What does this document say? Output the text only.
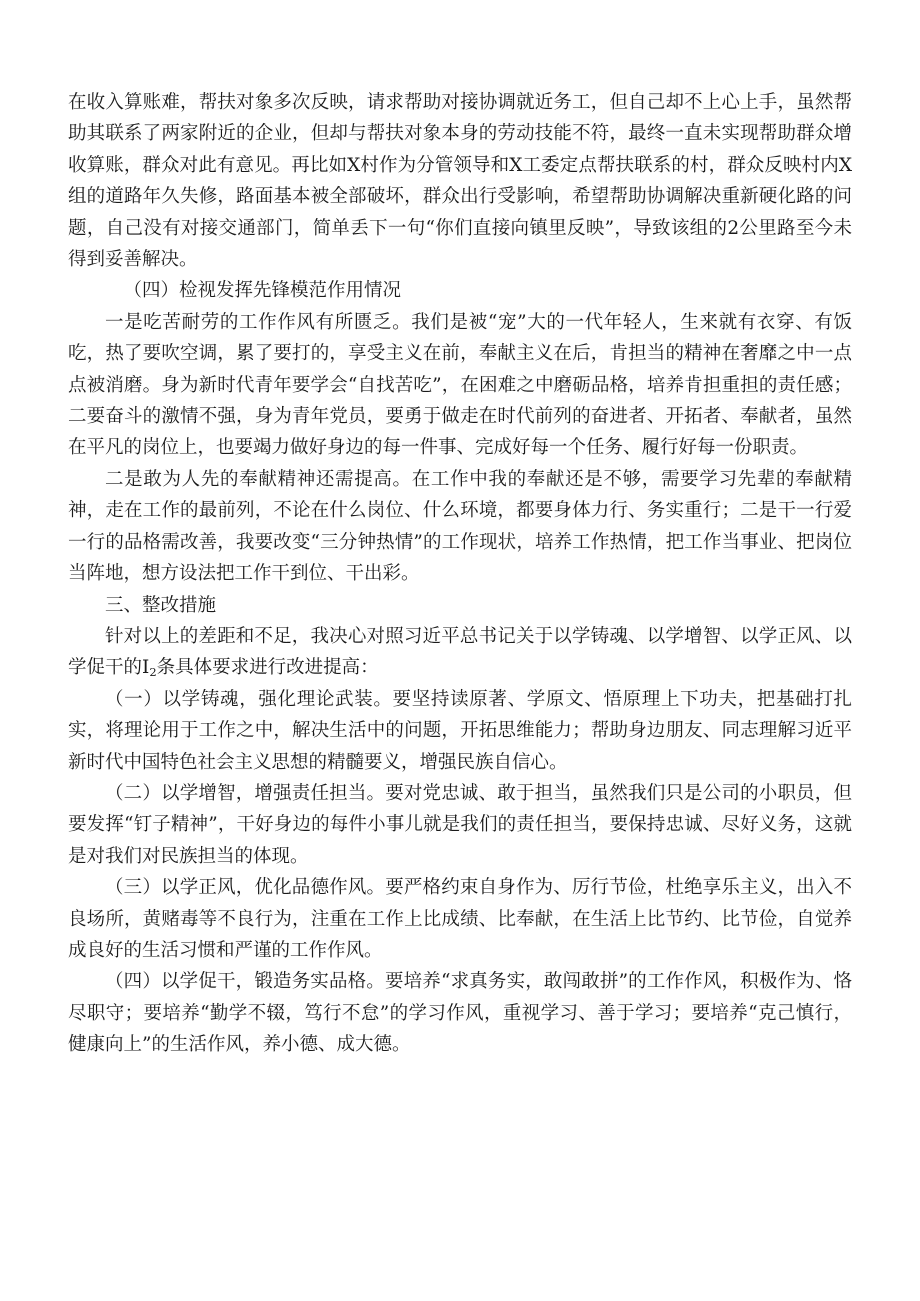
在收入算账难，帮扶对象多次反映，请求帮助对接协调就近务工，但自己却不上心上手，虽然帮助其联系了两家附近的企业，但却与帮扶对象本身的劳动技能不符，最终一直未实现帮助群众增收算账，群众对此有意见。再比如X村作为分管领导和X工委定点帮扶联系的村，群众反映村内X组的道路年久失修，路面基本被全部破坏，群众出行受影响，希望帮助协调解决重新硬化路的问题，自己没有对接交通部门，简单丢下一句“你们直接向镇里反映”，导致该组的2公里路至今未得到妥善解决。

（四）检视发挥先锋模范作用情况

一是吃苦耐劳的工作作风有所匮乏。我们是被“宠”大的一代年轻人，生来就有衣穿、有饭吃，热了要吹空调，累了要打的，享受主义在前，奉献主义在后，肯担当的精神在奢靡之中一点点被消磨。身为新时代青年要学会“自找苦吃”，在困难之中磨砺品格，培养肯担重担的责任感；二要奋斗的激情不强，身为青年党员，要勇于做走在时代前列的奋进者、开拓者、奉献者，虽然在平凡的岗位上，也要竭力做好身边的每一件事、完成好每一个任务、履行好每一份职责。

二是敢为人先的奉献精神还需提高。在工作中我的奉献还是不够，需要学习先辈的奉献精神，走在工作的最前列，不论在什么岗位、什么环境，都要身体力行、务实重行；二是干一行爱一行的品格需改善，我要改变“三分钟热情”的工作现状，培养工作热情，把工作当事业、把岗位当阵地，想方设法把工作干到位、干出彩。

三、整改措施

针对以上的差距和不足，我决心对照习近平总书记关于以学铸魂、以学增智、以学正风、以学促干的$I_2$条具体要求进行改进提高：

（一）以学铸魂，强化理论武装。要坚持读原著、学原文、悟原理上下功夫，把基础打扎实，将理论用于工作之中，解决生活中的问题，开拓思维能力；帮助身边朋友、同志理解习近平新时代中国特色社会主义思想的精髓要义，增强民族自信心。

（二）以学增智，增强责任担当。要对党忠诚、敢于担当，虽然我们只是公司的小职员，但要发挥“钉子精神”，干好身边的每件小事儿就是我们的责任担当，要保持忠诚、尽好义务，这就是对我们对民族担当的体现。

（三）以学正风，优化品德作风。要严格约束自身作为、厉行节俭，杜绝享乐主义，出入不良场所，黄赌毒等不良行为，注重在工作上比成绩、比奉献，在生活上比节约、比节俭，自觉养成良好的生活习惯和严谨的工作作风。

（四）以学促干，锻造务实品格。要培养“求真务实，敢闯敢拼”的工作作风，积极作为、恪尽职守；要培养“勤学不辍，笃行不怠”的学习作风，重视学习、善于学习；要培养“克己慎行，健康向上”的生活作风，养小德、成大德。
